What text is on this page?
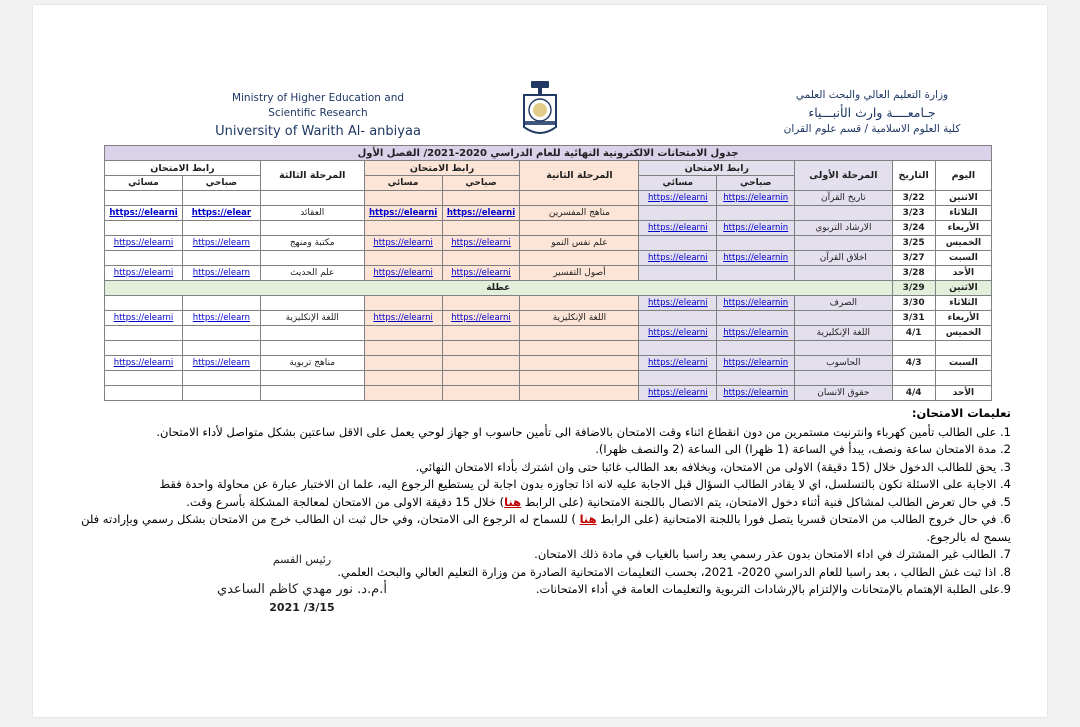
Ministry of Higher Education and
Scientific Research
University of Warith Al- anbiyaa
وزارة التعليم العالي والبحث العلمي
جـامعــــة وارث الأنبـــياء
كلية العلوم الاسلامية / قسم علوم القران
جدول الامتحانات الالكترونية النهائية للعام الدراسي 2020-2021/ الفصل الأول										
اليوم	التاريخ	المرحلة الأولى	رابط الامتحان		المرحلة الثانية	رابط الامتحان		المرحلة الثالثة	رابط الامتحان	
			صباحي	مسائي		صباحي	مسائي		صباحي	مسائي
الاثنين	3/22	تاريخ القرآن	https://elearnin	https://elearni						

الثلاثاء	3/23				مناهج المفسرين	https://elearni	https://elearni	العقائد	https://elear	https://elearni

الأربعاء	3/24	الارشاد التربوي	https://elearnin	https://elearni						

الخميس	3/25				علم نفس النمو	https://elearni	https://elearni	مكتبة ومنهج	https://elearn	https://elearni

السبت	3/27	اخلاق القرآن	https://elearnin	https://elearni						

الأحد	3/28				أصول التفسير	https://elearni	https://elearni	علم الحديث	https://elearn	https://elearni

الاثنين	3/29	عطلة								
الثلاثاء	3/30	الصرف	https://elearnin	https://elearni						

الأربعاء	3/31				اللغة الإنكليزية	https://elearni	https://elearni	اللغة الإنكليزية	https://elearn	https://elearni

الخميس	4/1	اللغة الإنكليزية	https://elearnin	https://elearni						

السبت	4/3	الحاسوب	https://elearnin	https://elearni				مناهج تربوية	https://elearn	https://elearni

الأحد	4/4	حقوق الانسان	https://elearnin	https://elearni						

تعليمات الامتحان:

1. على الطالب تأمين كهرباء وانترنيت مستمرين من دون انقطاع اثناء وقت الامتحان بالاضافة الى تأمين حاسوب او جهاز لوحي يعمل على الاقل ساعتين بشكل متواصل لأداء الامتحان.

2. مدة الامتحان ساعة ونصف، يبدأ في الساعة (1 ظهرا) الى الساعة (2 والنصف ظهرا).

3. يحق للطالب الدخول خلال (15 دقيقة) الاولى من الامتحان، وبخلافه بعد الطالب غائبا حتى وان اشترك بأداء الامتحان النهائي.

4. الاجابة على الاسئلة تكون بالتسلسل، اي لا يقادر الطالب السؤال قبل الاجابة عليه لانه اذا تجاوزه بدون اجابة لن يستطيع الرجوع اليه، علما ان الاختبار عبارة عن محاولة واحدة فقط

5. في حال تعرض الطالب لمشاكل فنية أثناء دخول الامتحان، يتم الاتصال باللجنة الامتحانية (على الرابط هنا) خلال 15 دقيقة الاولى من الامتحان لمعالجة المشكلة بأسرع وقت.

6. في حال خروج الطالب من الامتحان قسريا يتصل فورا باللجنة الامتحانية (على الرابط هنا ) للسماح له الرجوع الى الامتحان، وفي حال ثبت ان الطالب خرج من الامتحان بشكل رسمي وبإرادته فلن يسمح له بالرجوع.

7. الطالب غير المشترك في اداء الامتحان بدون عذر رسمي يعد راسبا بالغياب في مادة ذلك الامتحان.

8. اذا ثبت غش الطالب ، بعد راسبا للعام الدراسي 2020- 2021، بحسب التعليمات الامتحانية الصادرة من وزارة التعليم العالي والبحث العلمي.

9.على الطلبة الإهتمام بالإمتحانات والإلتزام بالإرشادات التربوية والتعليمات العامة في أداء الامتحانات.

رئيس القسم
أ.م.د. نور مهدي كاظم الساعدي
2021 /3/15
